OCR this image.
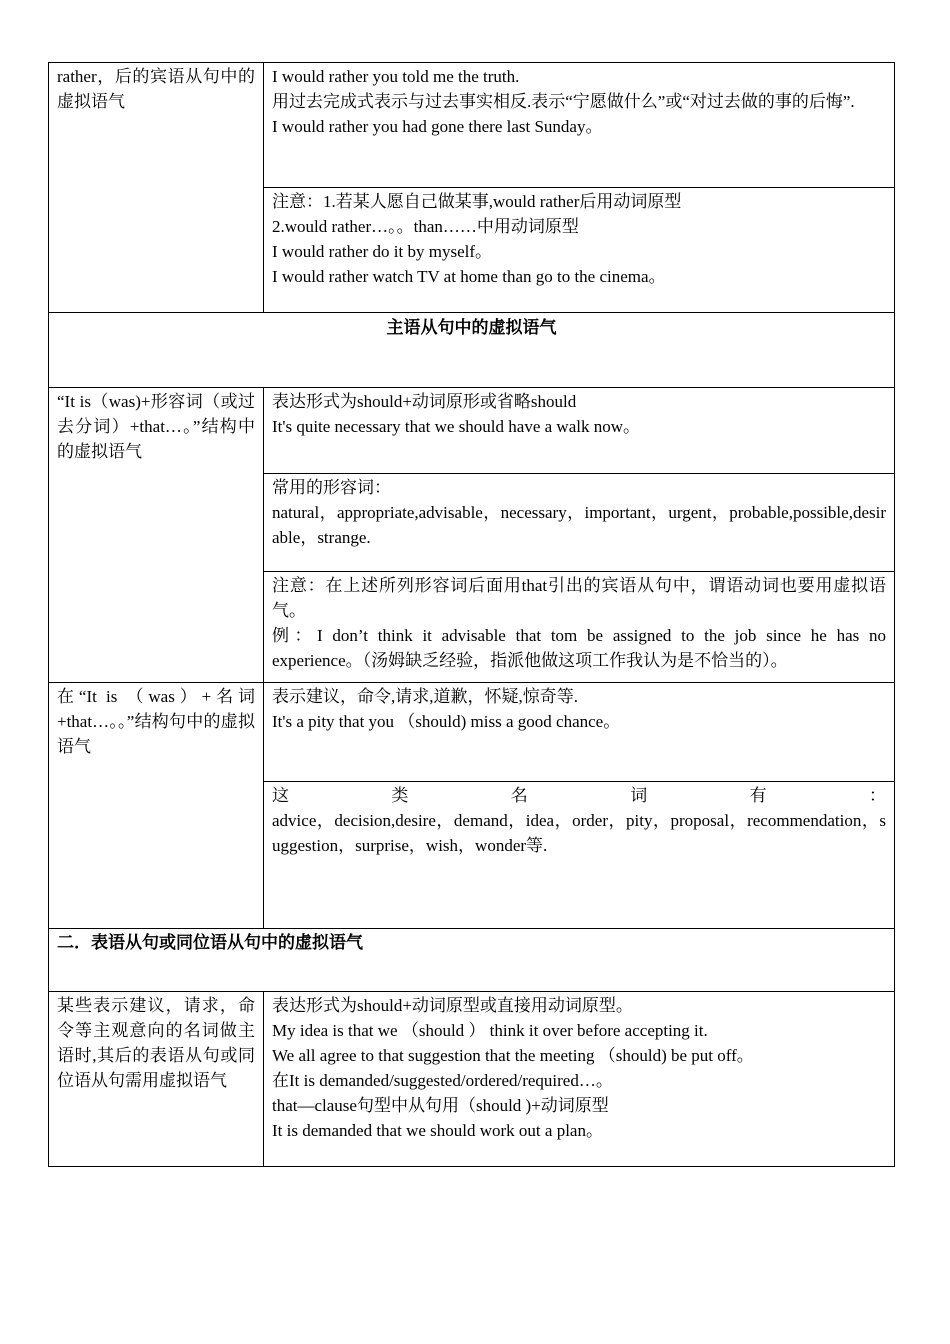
rather，后的宾语从句中的虚拟语气

I would rather you told me the truth.

用过去完成式表示与过去事实相反.表示“宁愿做什么”或“对过去做的事的后悔”.

I would rather you had gone there last Sunday。

注意：1.若某人愿自己做某事,would rather后用动词原型

2.would rather…。。than……中用动词原型

I would rather do it by myself。

I would rather watch TV at home than go to the cinema。

主语从句中的虚拟语气

“It is（was)+形容词（或过去分词）+that…。”结构中的虚拟语气

表达形式为should+动词原形或省略should

It's quite necessary that we should have a walk now。

常用的形容词：

natural，appropriate,advisable，necessary，important，urgent，probable,possible,desirable，strange.

注意：在上述所列形容词后面用that引出的宾语从句中，谓语动词也要用虚拟语气。

例：I don’t think it advisable that tom be assigned to the job since he has no experience。（汤姆缺乏经验，指派他做这项工作我认为是不恰当的）。

在“It is （was）+名词+that…。。”结构句中的虚拟语气

表示建议，命令,请求,道歉，怀疑,惊奇等.

It's a pity that you （should) miss a good chance。

这类名词有：

advice，decision,desire，demand，idea，order，pity，proposal，recommendation，suggestion，surprise，wish，wonder等.

二．表语从句或同位语从句中的虚拟语气

某些表示建议，请求，命令等主观意向的名词做主语时,其后的表语从句或同位语从句需用虚拟语气

表达形式为should+动词原型或直接用动词原型。

My idea is that we （should ） think it over before accepting it.

We all agree to that suggestion that the meeting （should) be put off。

在It is demanded/suggested/ordered/required…。

that—clause句型中从句用（should )+动词原型

It is demanded that we should work out a plan。
